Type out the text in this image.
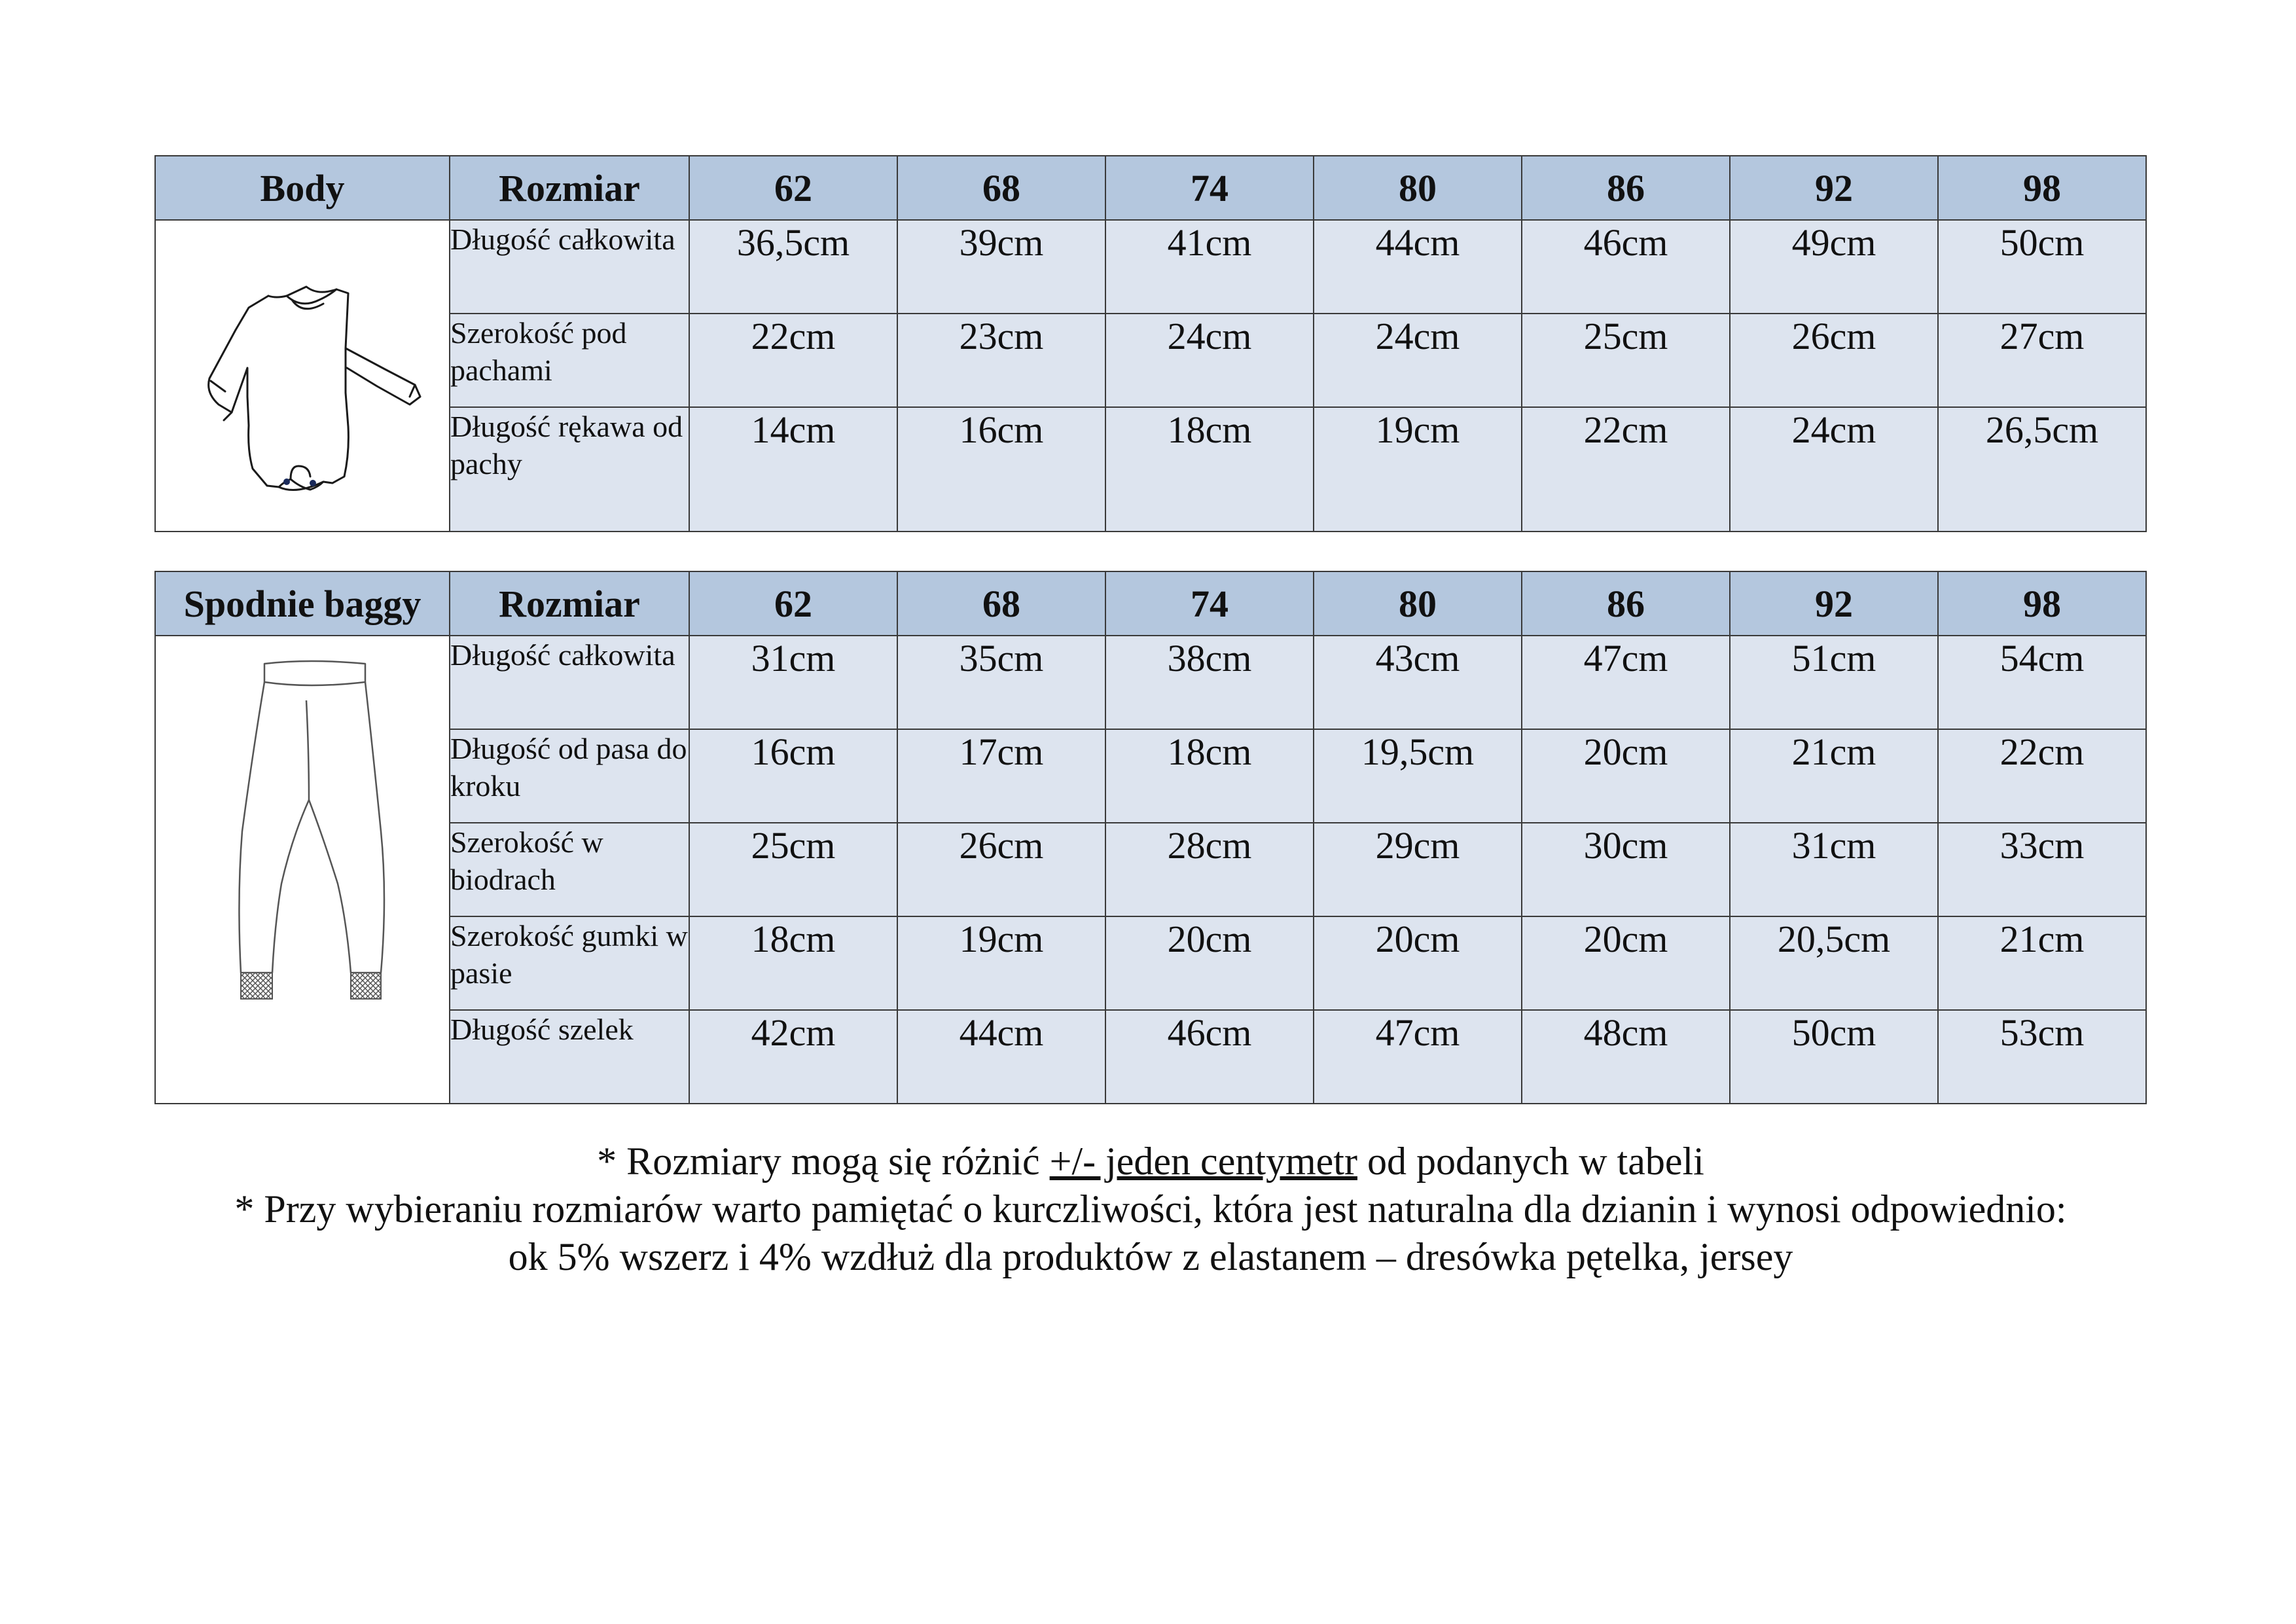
Body	Rozmiar	62	68	74	80	86	92	98
	Długość całkowita	36,5cm	39cm	41cm	44cm	46cm	49cm	50cm
	Szerokość pod pachami	22cm	23cm	24cm	24cm	25cm	26cm	27cm
	Długość rękawa od pachy	14cm	16cm	18cm	19cm	22cm	24cm	26,5cm
Spodnie baggy	Rozmiar	62	68	74	80	86	92	98
	Długość całkowita	31cm	35cm	38cm	43cm	47cm	51cm	54cm
	Długość od pasa do kroku	16cm	17cm	18cm	19,5cm	20cm	21cm	22cm
	Szerokość w biodrach	25cm	26cm	28cm	29cm	30cm	31cm	33cm
	Szerokość gumki w pasie	18cm	19cm	20cm	20cm	20cm	20,5cm	21cm
	Długość szelek	42cm	44cm	46cm	47cm	48cm	50cm	53cm

* Rozmiary mogą się różnić +/- jeden centymetr od podanych w tabeli

* Przy wybieraniu rozmiarów warto pamiętać o kurczliwości, która jest naturalna dla dzianin i wynosi odpowiednio:

ok 5% wszerz i 4% wzdłuż dla produktów z elastanem – dresówka pętelka, jersey
